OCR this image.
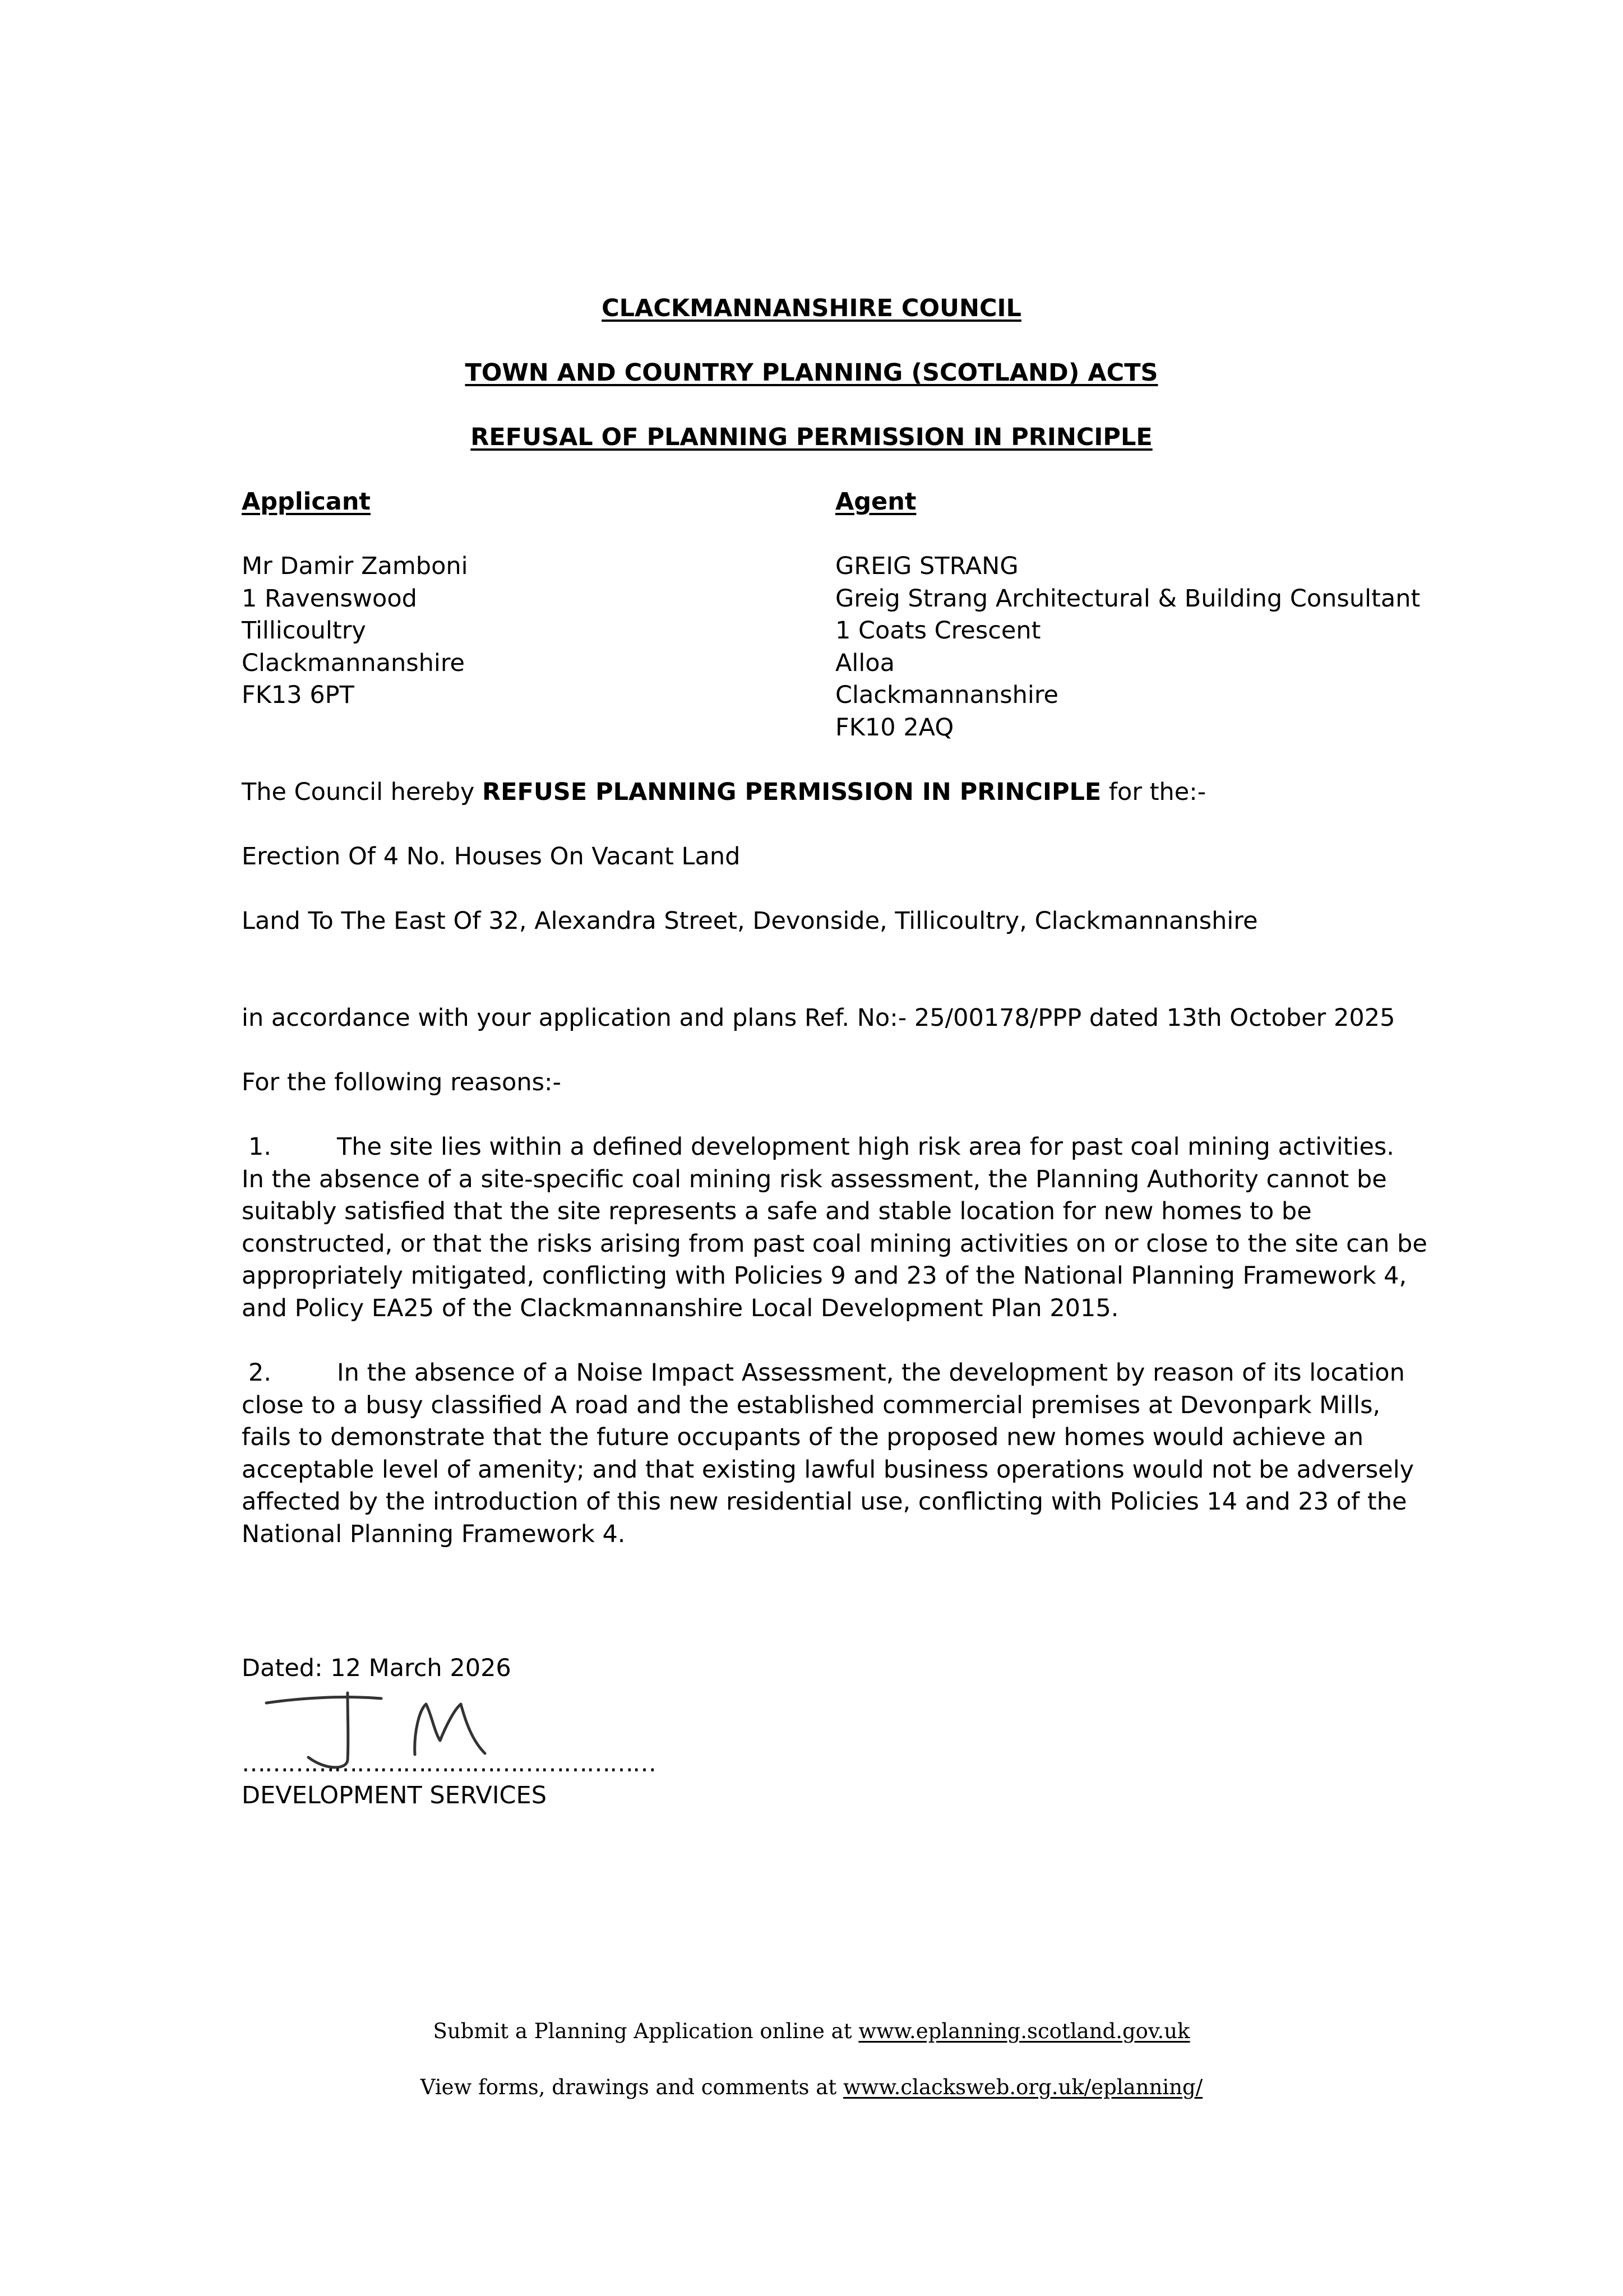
CLACKMANNANSHIRE COUNCIL
TOWN AND COUNTRY PLANNING (SCOTLAND) ACTS
REFUSAL OF PLANNING PERMISSION IN PRINCIPLE
Applicant
Mr Damir Zamboni
1 Ravenswood
Tillicoultry
Clackmannanshire
FK13 6PT
Agent
GREIG STRANG
Greig Strang Architectural & Building Consultant
1 Coats Crescent
Alloa
Clackmannanshire
FK10 2AQ
The Council hereby REFUSE PLANNING PERMISSION IN PRINCIPLE for the:-
Erection Of 4 No. Houses On Vacant Land
Land To The East Of 32, Alexandra Street, Devonside, Tillicoultry, Clackmannanshire
in accordance with your application and plans Ref. No:- 25/00178/PPP dated 13th October 2025
For the following reasons:-
1.	The site lies within a defined development high risk area for past coal mining activities.
In the absence of a site-specific coal mining risk assessment, the Planning Authority cannot be
suitably satisfied that the site represents a safe and stable location for new homes to be
constructed, or that the risks arising from past coal mining activities on or close to the site can be
appropriately mitigated, conflicting with Policies 9 and 23 of the National Planning Framework 4,
and Policy EA25 of the Clackmannanshire Local Development Plan 2015.
2.	In the absence of a Noise Impact Assessment, the development by reason of its location
close to a busy classified A road and the established commercial premises at Devonpark Mills,
fails to demonstrate that the future occupants of the proposed new homes would achieve an
acceptable level of amenity; and that existing lawful business operations would not be adversely
affected by the introduction of this new residential use, conflicting with Policies 14 and 23 of the
National Planning Framework 4.
Dated: 12 March 2026
………………………………………………
DEVELOPMENT SERVICES
Submit a Planning Application online at www.eplanning.scotland.gov.uk
View forms, drawings and comments at www.clacksweb.org.uk/eplanning/
